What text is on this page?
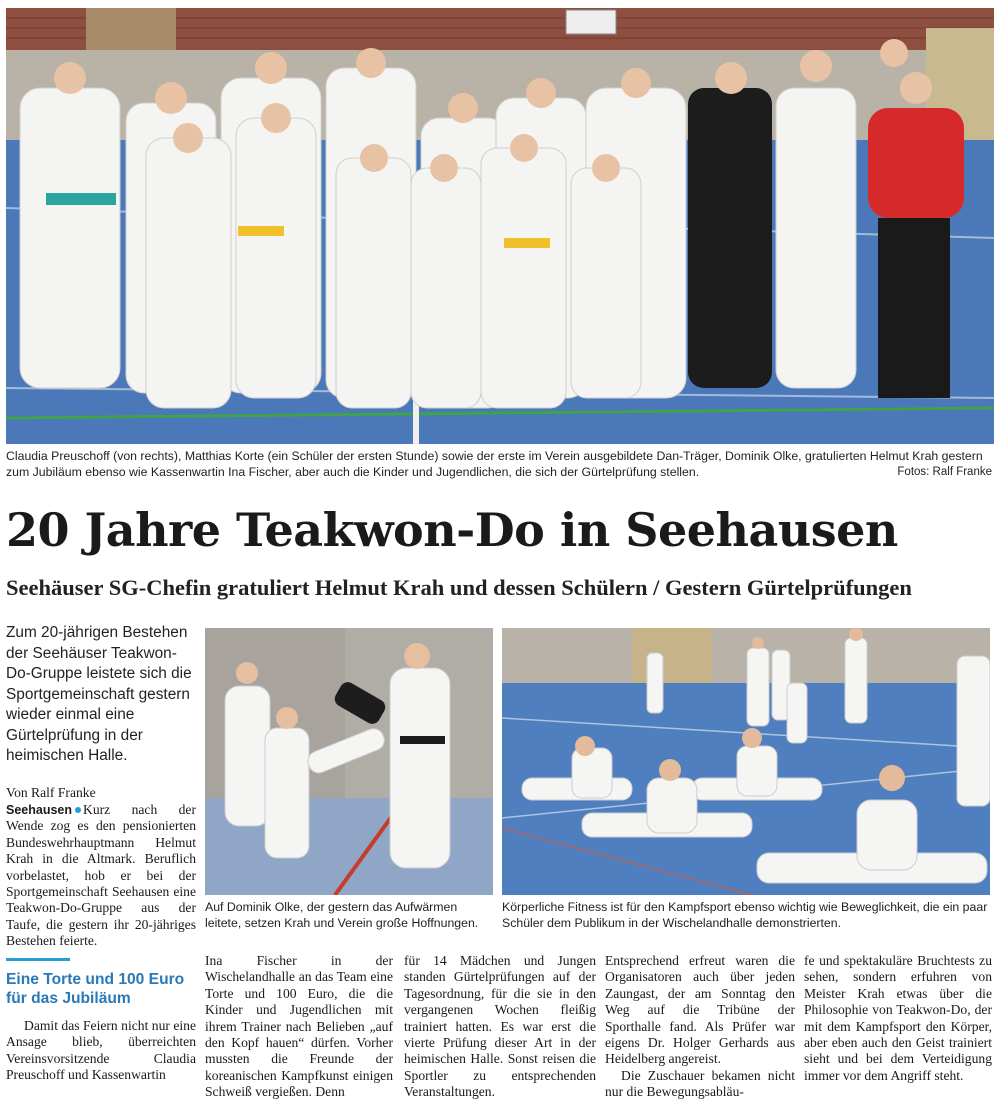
Claudia Preuschoff (von rechts), Matthias Korte (ein Schüler der ersten Stunde) sowie der erste im Verein ausgebildete Dan-Träger, Dominik Olke, gratulierten Helmut Krah gestern zum Jubiläum ebenso wie Kassenwartin Ina Fischer, aber auch die Kinder und Jugendlichen, die sich der Gürtelprüfung stellen.	Fotos: Ralf Franke
20 Jahre Teakwon-Do in Seehausen
Seehäuser SG-Chefin gratuliert Helmut Krah und dessen Schülern / Gestern Gürtelprüfungen

Zum 20-jährigen Bestehen der Seehäuser Teakwon-Do-Gruppe leistete sich die Sportgemeinschaft gestern wieder einmal eine Gürtelprüfung in der heimischen Halle.

Von Ralf Franke

Seehausen Kurz nach der Wende zog es den pensionierten Bundeswehrhauptmann Helmut Krah in die Altmark. Beruflich vorbelastet, hob er bei der Sportgemeinschaft Seehausen eine Teakwon-Do-Gruppe aus der Taufe, die gestern ihr 20-jähriges Bestehen feierte.

Eine Torte und 100 Euro für das Jubiläum

Damit das Feiern nicht nur eine Ansage blieb, überreichten Vereinsvorsitzende Claudia Preuschoff und Kassenwartin

Auf Dominik Olke, der gestern das Aufwärmen leitete, setzen Krah und Verein große Hoffnungen.
Körperliche Fitness ist für den Kampfsport ebenso wichtig wie Beweglichkeit, die ein paar Schüler dem Publikum in der Wischelandhalle demonstrierten.

Ina Fischer in der Wischelandhalle an das Team eine Torte und 100 Euro, die die Kinder und Jugendlichen mit ihrem Trainer nach Belieben „auf den Kopf hauen“ dürfen. Vorher mussten die Freunde der koreanischen Kampfkunst einigen Schweiß vergießen. Denn

für 14 Mädchen und Jungen standen Gürtelprüfungen auf der Tagesordnung, für die sie in den vergangenen Wochen fleißig trainiert hatten. Es war erst die vierte Prüfung dieser Art in der heimischen Halle. Sonst reisen die Sportler zu entsprechenden Veranstaltungen.

Entsprechend erfreut waren die Organisatoren auch über jeden Zaungast, der am Sonntag den Weg auf die Tribüne der Sporthalle fand. Als Prüfer war eigens Dr. Holger Gerhards aus Heidelberg angereist.
Die Zuschauer bekamen nicht nur die Bewegungsabläu-

fe und spektakuläre Bruchtests zu sehen, sondern erfuhren von Meister Krah etwas über die Philosophie von Teakwon-Do, der mit dem Kampfsport den Körper, aber eben auch den Geist trainiert sieht und bei dem Verteidigung immer vor dem Angriff steht.
